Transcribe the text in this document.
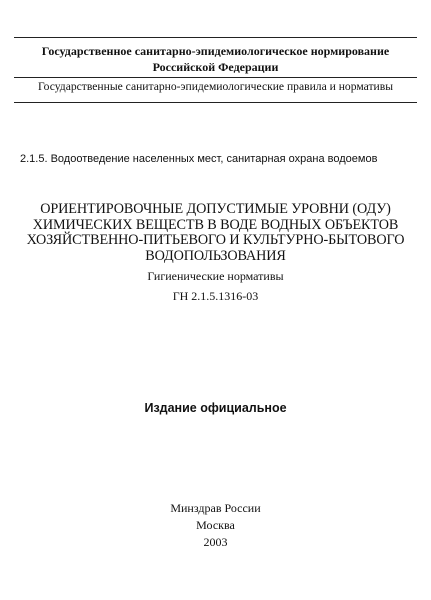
Государственное санитарно-эпидемиологическое нормирование
Российской Федерации
Государственные санитарно-эпидемиологические правила и нормативы
2.1.5. Водоотведение населенных мест, санитарная охрана водоемов
ОРИЕНТИРОВОЧНЫЕ ДОПУСТИМЫЕ УРОВНИ (ОДУ)
ХИМИЧЕСКИХ ВЕЩЕСТВ В ВОДЕ ВОДНЫХ ОБЪЕКТОВ
ХОЗЯЙСТВЕННО-ПИТЬЕВОГО И КУЛЬТУРНО-БЫТОВОГО
ВОДОПОЛЬЗОВАНИЯ
Гигиенические нормативы
ГН 2.1.5.1316-03
Издание официальное
Минздрав России
Москва
2003
